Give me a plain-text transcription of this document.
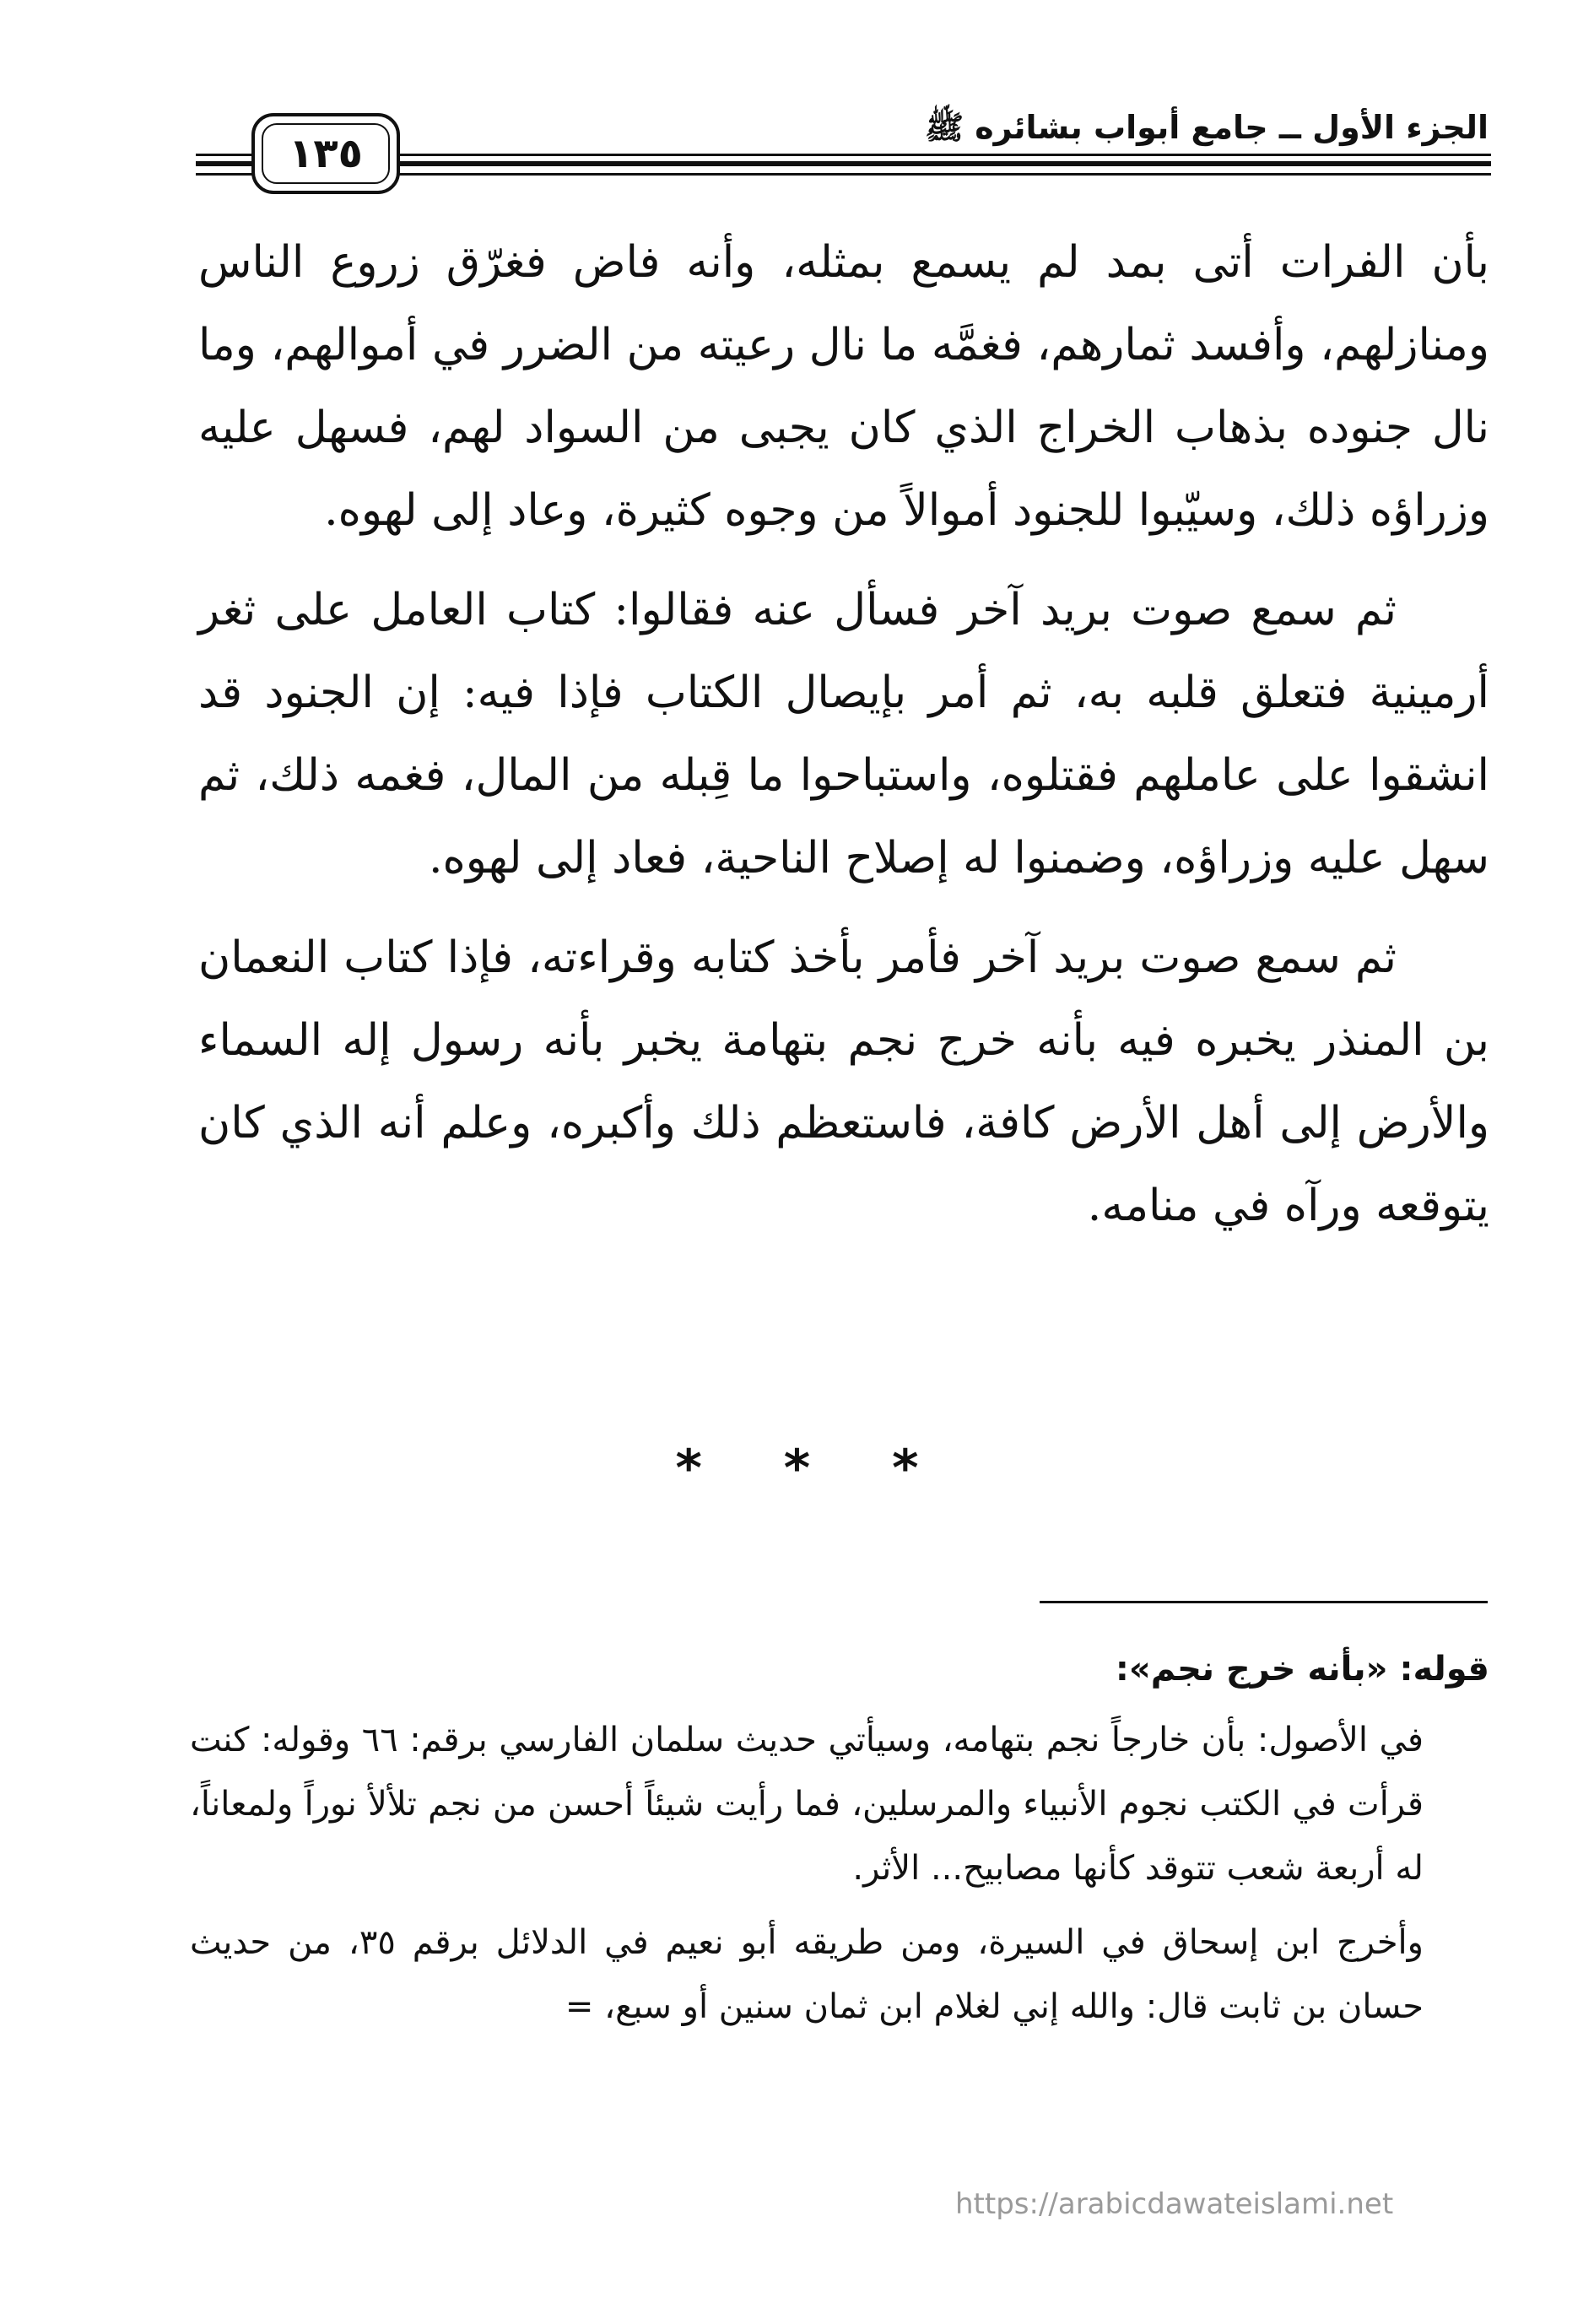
الجزء الأول ــ جامع أبواب بشائره ﷺ
١٣٥

بأن الفرات أتى بمد لم يسمع بمثله، وأنه فاض فغرّق زروع الناس ومنازلهم، وأفسد ثمارهم، فغمَّه ما نال رعيته من الضرر في أموالهم، وما نال جنوده بذهاب الخراج الذي كان يجبى من السواد لهم، فسهل عليه وزراؤه ذلك، وسيّبوا للجنود أموالاً من وجوه كثيرة، وعاد إلى لهوه.

ثم سمع صوت بريد آخر فسأل عنه فقالوا: كتاب العامل على ثغر أرمينية فتعلق قلبه به، ثم أمر بإيصال الكتاب فإذا فيه: إن الجنود قد انشقوا على عاملهم فقتلوه، واستباحوا ما قِبله من المال، فغمه ذلك، ثم سهل عليه وزراؤه، وضمنوا له إصلاح الناحية، فعاد إلى لهوه.

ثم سمع صوت بريد آخر فأمر بأخذ كتابه وقراءته، فإذا كتاب النعمان بن المنذر يخبره فيه بأنه خرج نجم بتهامة يخبر بأنه رسول إله السماء والأرض إلى أهل الأرض كافة، فاستعظم ذلك وأكبره، وعلم أنه الذي كان يتوقعه ورآه في منامه.

* * *
قوله: «بأنه خرج نجم»:

في الأصول: بأن خارجاً نجم بتهامه، وسيأتي حديث سلمان الفارسي برقم: ٦٦ وقوله: كنت قرأت في الكتب نجوم الأنبياء والمرسلين، فما رأيت شيئاً أحسن من نجم تلألأ نوراً ولمعاناً، له أربعة شعب تتوقد كأنها مصابيح... الأثر.

وأخرج ابن إسحاق في السيرة، ومن طريقه أبو نعيم في الدلائل برقم ٣٥، من حديث حسان بن ثابت قال: والله إني لغلام ابن ثمان سنين أو سبع، =

https://arabicdawateislami.net
